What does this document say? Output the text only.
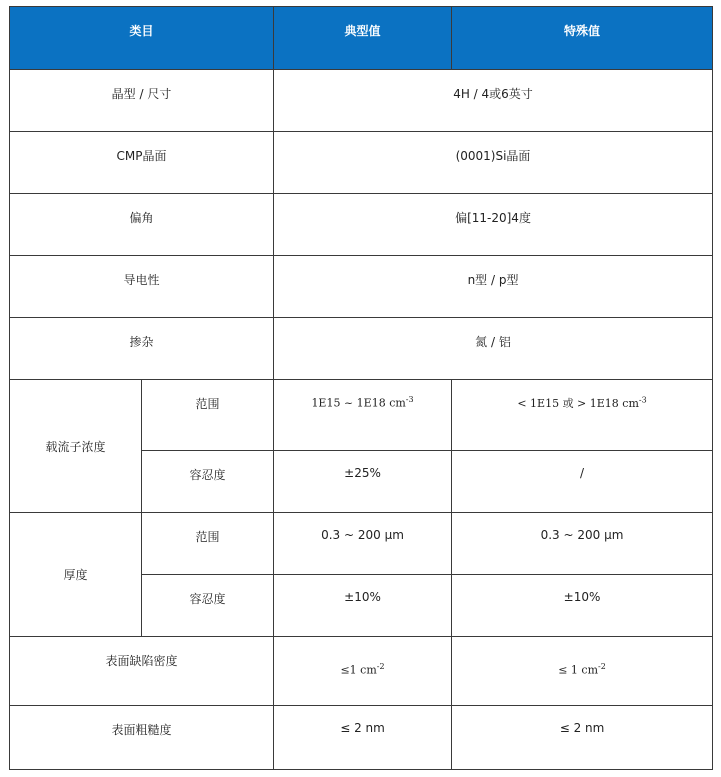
类目		典型值	特殊值
晶型 / 尺寸		4H / 4或6英寸	
CMP晶面		(0001)Si晶面	
偏角		偏[11-20]4度	
导电性		n型 / p型	
掺杂		氮 / 铝	
载流子浓度	范围	1E15 ~ 1E18 $cm^{-3}$	< 1E15 或 > 1E18 $cm^{-3}$
	容忍度	±25%	/
厚度	范围	0.3 ~ 200 μm	0.3 ~ 200 μm
	容忍度	±10%	±10%
表面缺陷密度		≤1 $cm^{-2}$	≤ 1 $cm^{-2}$
表面粗糙度		≤ 2 nm	≤ 2 nm
